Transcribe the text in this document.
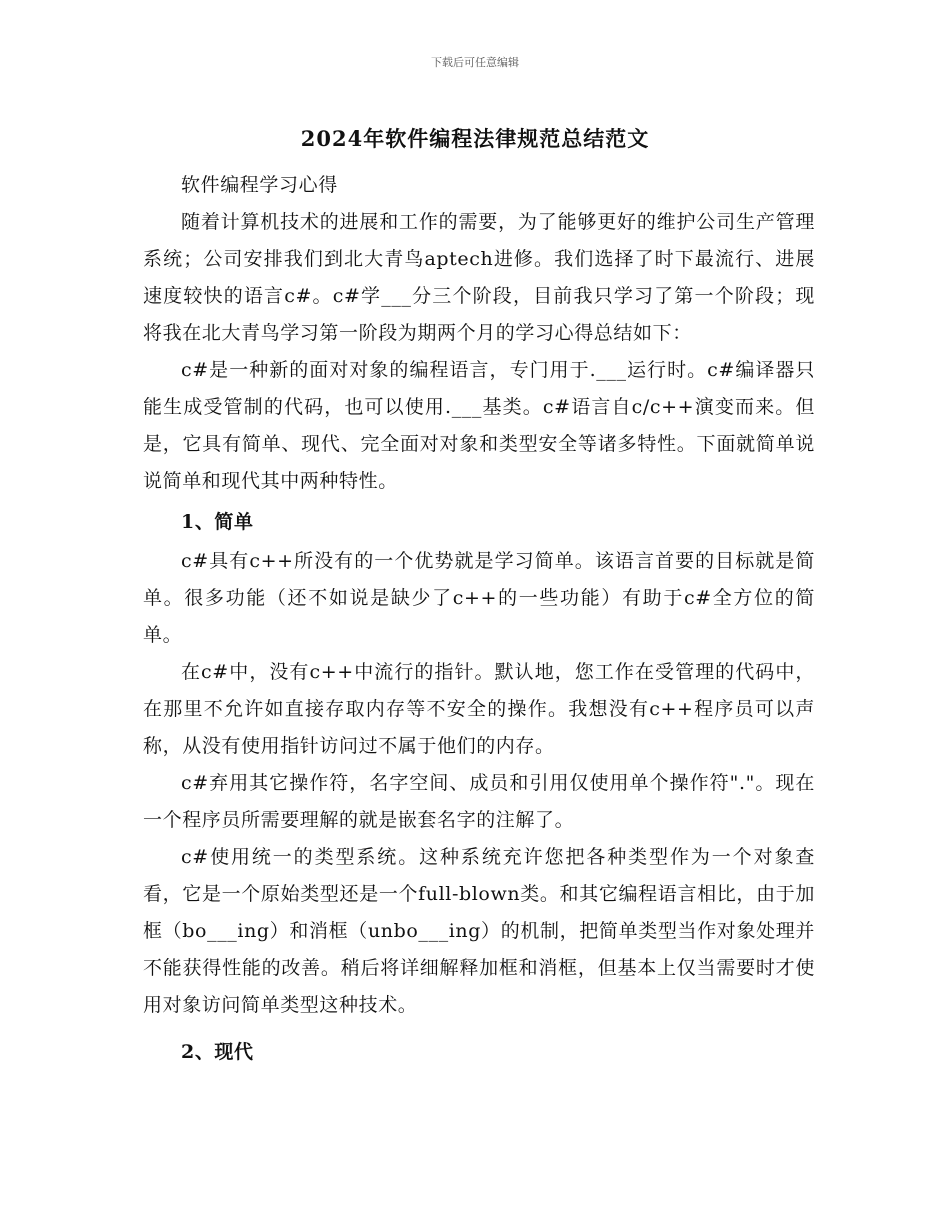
下载后可任意编辑
2024年软件编程法律规范总结范文

软件编程学习心得

随着计算机技术的进展和工作的需要，为了能够更好的维护公司生产管理系统；公司安排我们到北大青鸟aptech进修。我们选择了时下最流行、进展速度较快的语言c#。c#学___分三个阶段，目前我只学习了第一个阶段；现将我在北大青鸟学习第一阶段为期两个月的学习心得总结如下：

c#是一种新的面对对象的编程语言，专门用于.___运行时。c#编译器只能生成受管制的代码，也可以使用.___基类。c#语言自c/c++演变而来。但是，它具有简单、现代、完全面对对象和类型安全等诸多特性。下面就简单说说简单和现代其中两种特性。

1、简单

c#具有c++所没有的一个优势就是学习简单。该语言首要的目标就是简单。很多功能（还不如说是缺少了c++的一些功能）有助于c#全方位的简单。

在c#中，没有c++中流行的指针。默认地，您工作在受管理的代码中，在那里不允许如直接存取内存等不安全的操作。我想没有c++程序员可以声称，从没有使用指针访问过不属于他们的内存。

c#弃用其它操作符，名字空间、成员和引用仅使用单个操作符"."。现在一个程序员所需要理解的就是嵌套名字的注解了。

c#使用统一的类型系统。这种系统充许您把各种类型作为一个对象查看，它是一个原始类型还是一个full-blown类。和其它编程语言相比，由于加框（bo___ing）和消框（unbo___ing）的机制，把简单类型当作对象处理并不能获得性能的改善。稍后将详细解释加框和消框，但基本上仅当需要时才使用对象访问简单类型这种技术。

2、现代
